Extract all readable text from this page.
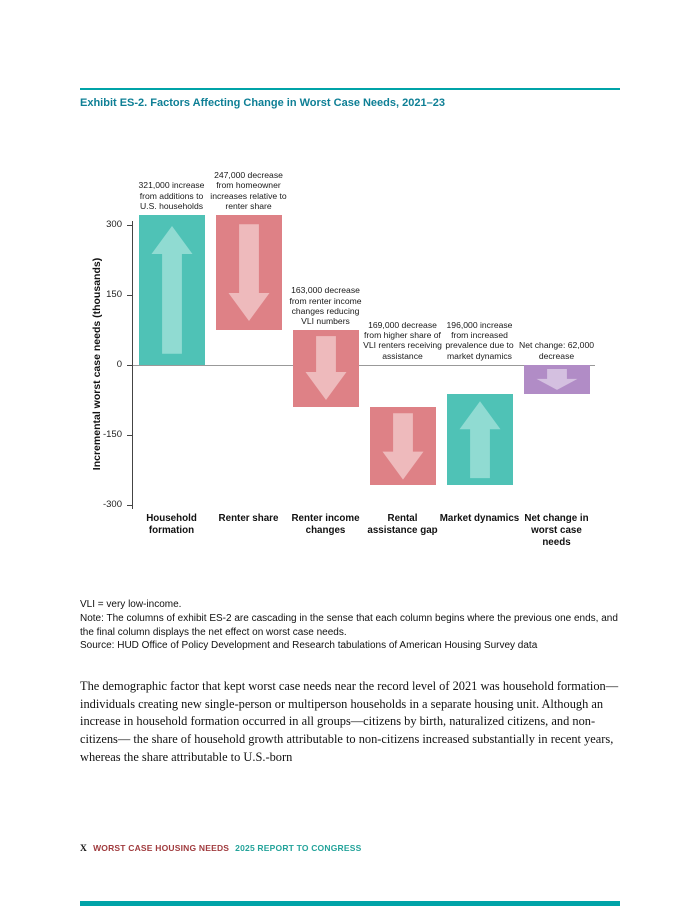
Exhibit ES-2. Factors Affecting Change in Worst Case Needs, 2021–23
Incremental worst case needs (thousands)
300
150
0
-150
-300
321,000 increase from additions to U.S. households
Household formation
247,000 decrease from homeowner increases relative to renter share
Renter share
163,000 decrease from renter income changes reducing VLI numbers
Renter income changes
169,000 decrease from higher share of VLI renters receiving assistance
Rental assistance gap
196,000 increase from increased prevalence due to market dynamics
Market dynamics
Net change: 62,000 decrease
Net change in worst case needs
VLI = very low-income.
Note: The columns of exhibit ES-2 are cascading in the sense that each column begins where the previous one ends, and the final column displays the net effect on worst case needs.
Source: HUD Office of Policy Development and Research tabulations of American Housing Survey data

The demographic factor that kept worst case needs near the record level of 2021 was household formation—individuals creating new single-person or multiperson households in a separate housing unit. Although an increase in household formation occurred in all groups—citizens by birth, naturalized citizens, and non-citizens— the share of household growth attributable to non-citizens increased substantially in recent years, whereas the share attributable to U.S.-born

X WORST CASE HOUSING NEEDS 2025 REPORT TO CONGRESS
